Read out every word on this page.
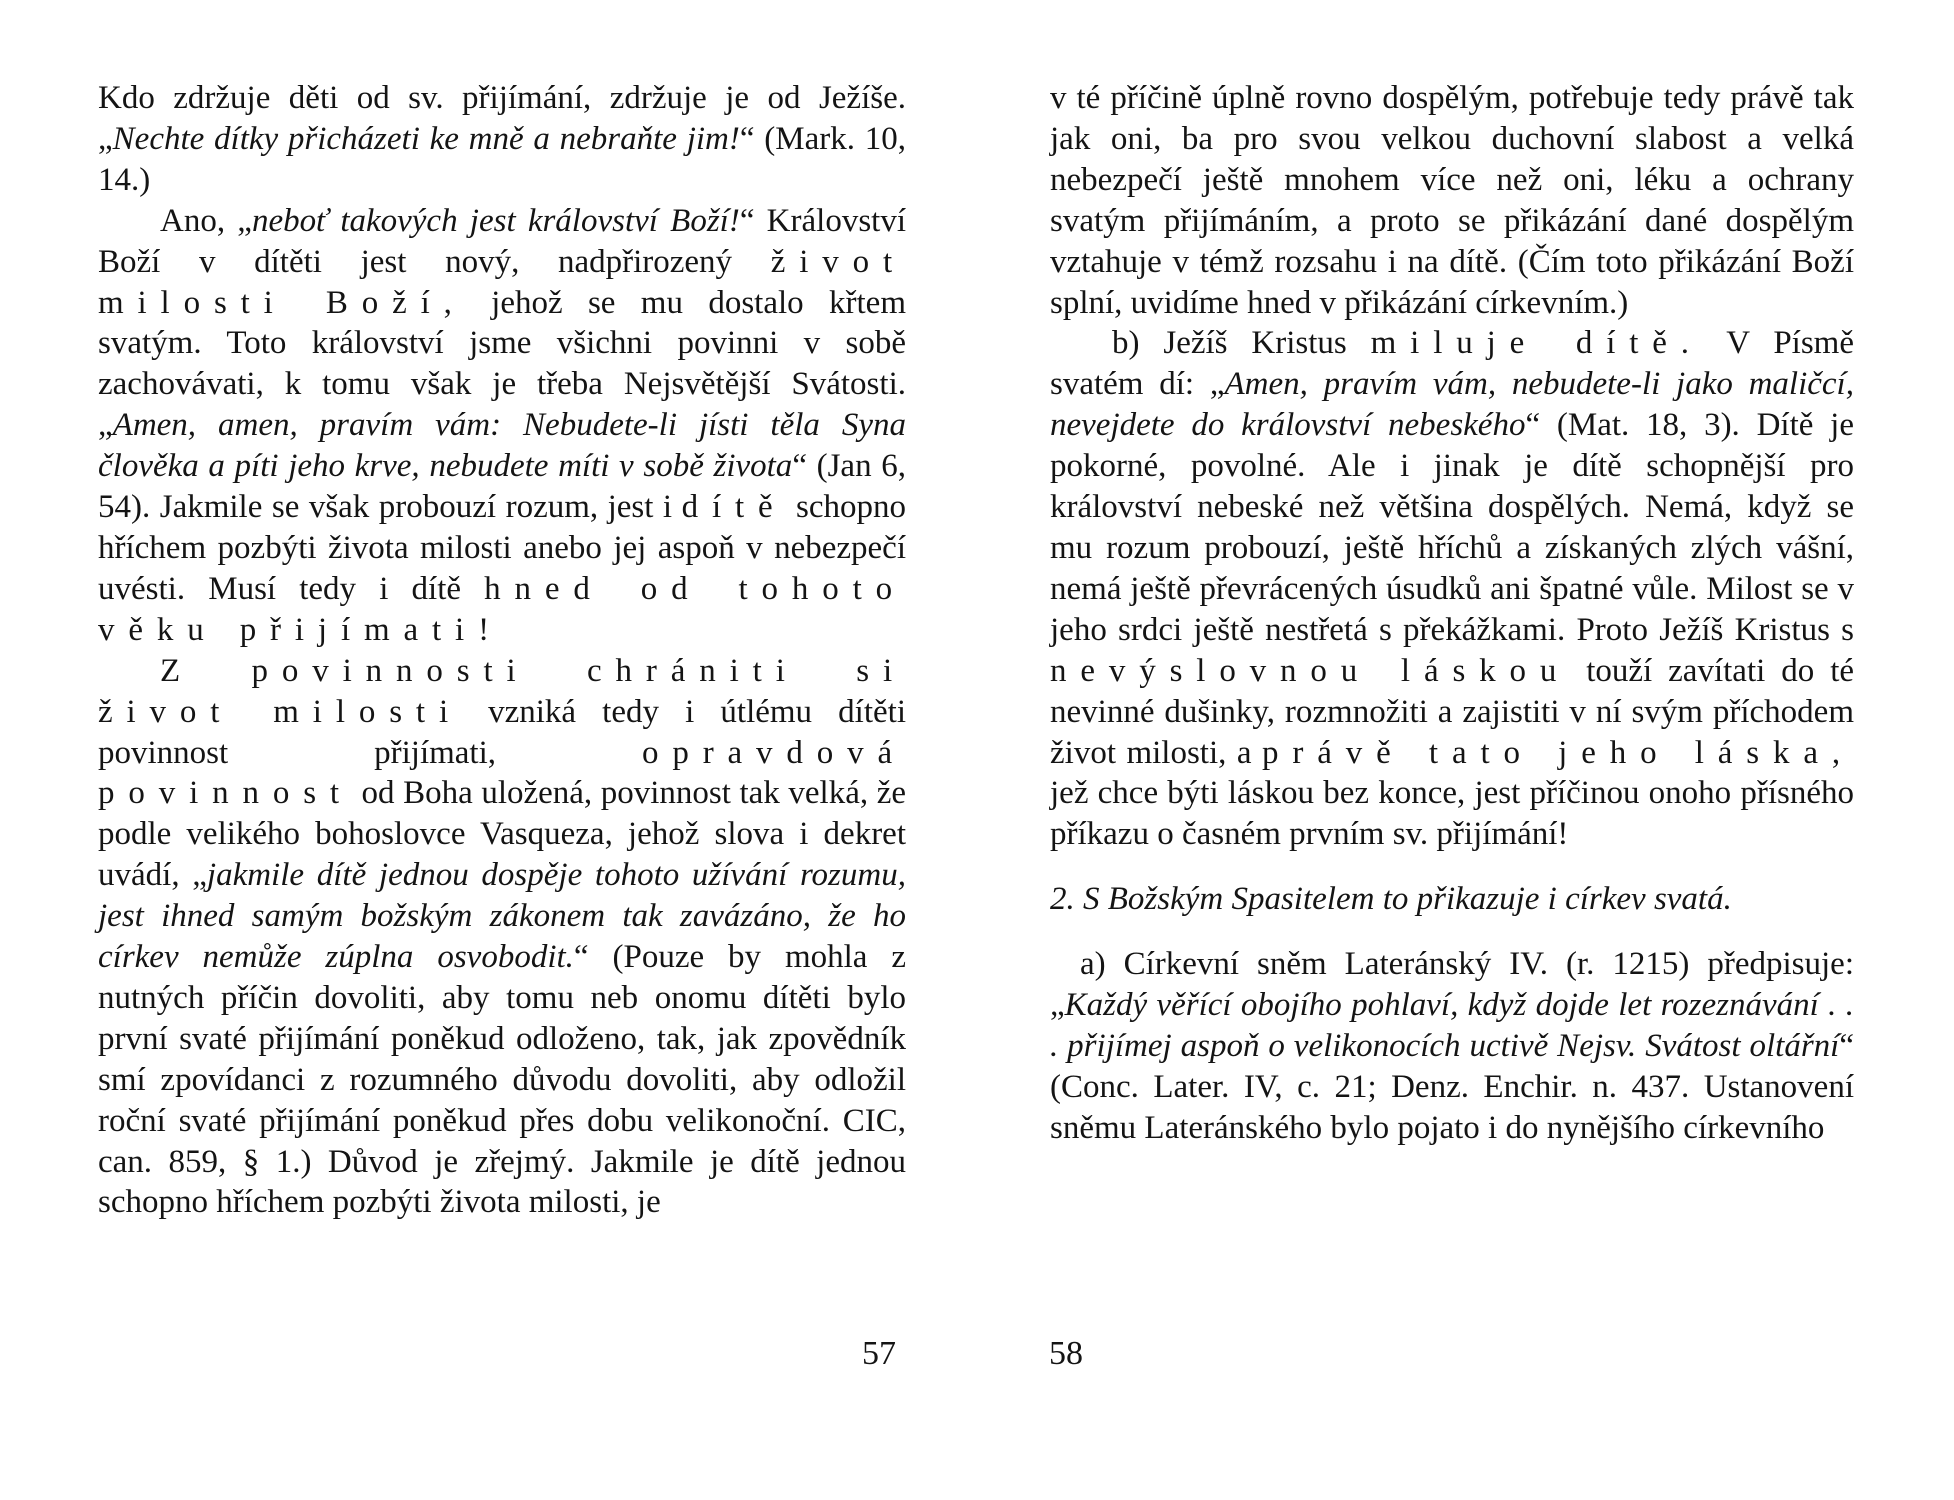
Kdo zdržuje děti od sv. přijímání, zdržuje je od Ježíše. „Nechte dítky přicházeti ke mně a nebraňte jim!“ (Mark. 10, 14.)

Ano, „neboť takových jest království Boží!“ Království Boží v dítěti jest nový, nadpřirozený život milosti Boží, jehož se mu dostalo křtem svatým. Toto království jsme všichni povinni v sobě zachovávati, k tomu však je třeba Nejsvětější Svátosti. „Amen, amen, pravím vám: Nebudete-li jísti těla Syna člověka a píti jeho krve, nebudete míti v sobě života“ (Jan 6, 54). Jakmile se však probouzí rozum, jest i dítě schopno hříchem pozbýti života milosti anebo jej aspoň v nebezpečí uvésti. Musí tedy i dítě hned od tohoto věku přijímati!

Z povinnosti chrániti si život milosti vzniká tedy i útlému dítěti povinnost přijímati, opravdová povinnost od Boha uložená, povinnost tak velká, že podle velikého bohoslovce Vasqueza, jehož slova i dekret uvádí, „jakmile dítě jednou dospěje tohoto užívání rozumu, jest ihned samým božským zákonem tak zavázáno, že ho církev nemůže zúplna osvobodit.“ (Pouze by mohla z nutných příčin dovoliti, aby tomu neb onomu dítěti bylo první svaté přijímání poněkud odloženo, tak, jak zpovědník smí zpovídanci z rozumného důvodu dovoliti, aby odložil roční svaté přijímání poněkud přes dobu velikonoční. CIC, can. 859, § 1.) Důvod je zřejmý. Jakmile je dítě jednou schopno hříchem pozbýti života milosti, je

57

v té příčině úplně rovno dospělým, potřebuje tedy právě tak jak oni, ba pro svou velkou duchovní slabost a velká nebezpečí ještě mnohem více než oni, léku a ochrany svatým přijímáním, a proto se přikázání dané dospělým vztahuje v témž rozsahu i na dítě. (Čím toto přikázání Boží splní, uvidíme hned v přikázání církevním.)

b) Ježíš Kristus miluje dítě. V Písmě svatém dí: „Amen, pravím vám, nebudete-li jako maličcí, nevejdete do království nebeského“ (Mat. 18, 3). Dítě je pokorné, povolné. Ale i jinak je dítě schopnější pro království nebeské než většina dospělých. Nemá, když se mu rozum probouzí, ještě hříchů a získaných zlých vášní, nemá ještě převrácených úsudků ani špatné vůle. Milost se v jeho srdci ještě nestřetá s překážkami. Proto Ježíš Kristus s nevýslovnou láskou touží zavítati do té nevinné dušinky, rozmnožiti a zajistiti v ní svým příchodem život milosti, a právě tato jeho láska, jež chce býti láskou bez konce, jest příčinou onoho přísného příkazu o časném prvním sv. přijímání!

2. S Božským Spasitelem to přikazuje i církev svatá.

a) Církevní sněm Lateránský IV. (r. 1215) předpisuje: „Každý věřící obojího pohlaví, když dojde let rozeznávání . . . přijímej aspoň o velikonocích uctivě Nejsv. Svátost oltářní“ (Conc. Later. IV, c. 21; Denz. Enchir. n. 437. Ustanovení sněmu Lateránského bylo pojato i do nynějšího církevního

58
